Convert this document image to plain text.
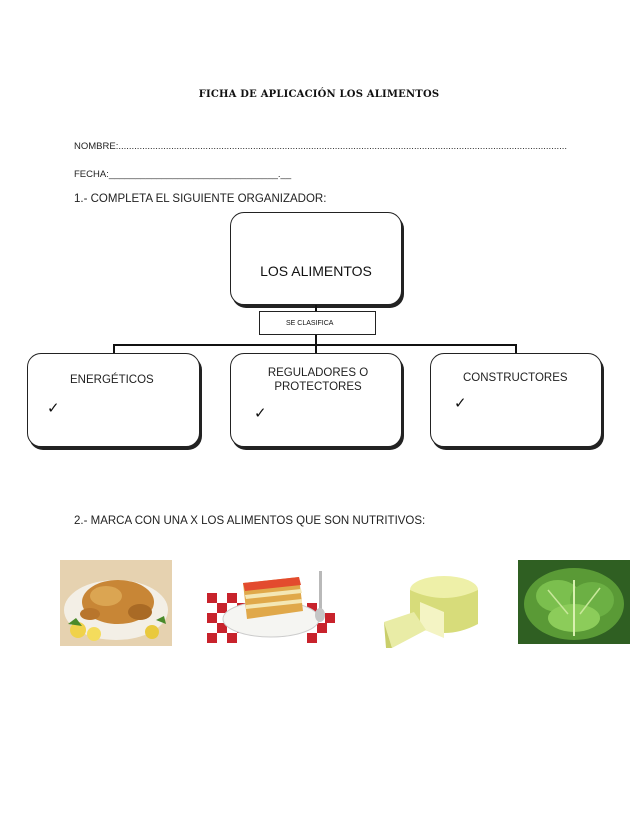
FICHA DE APLICACIÓN LOS ALIMENTOS
NOMBRE:..........................................................................................................................................................................
FECHA:________________________________.__
1.- COMPLETA EL SIGUIENTE ORGANIZADOR:
LOS ALIMENTOS
SE CLASIFICA
ENERGÉTICOS
✓
REGULADORES O PROTECTORES
✓
CONSTRUCTORES
✓
2.- MARCA CON UNA X LOS ALIMENTOS QUE SON NUTRITIVOS:
